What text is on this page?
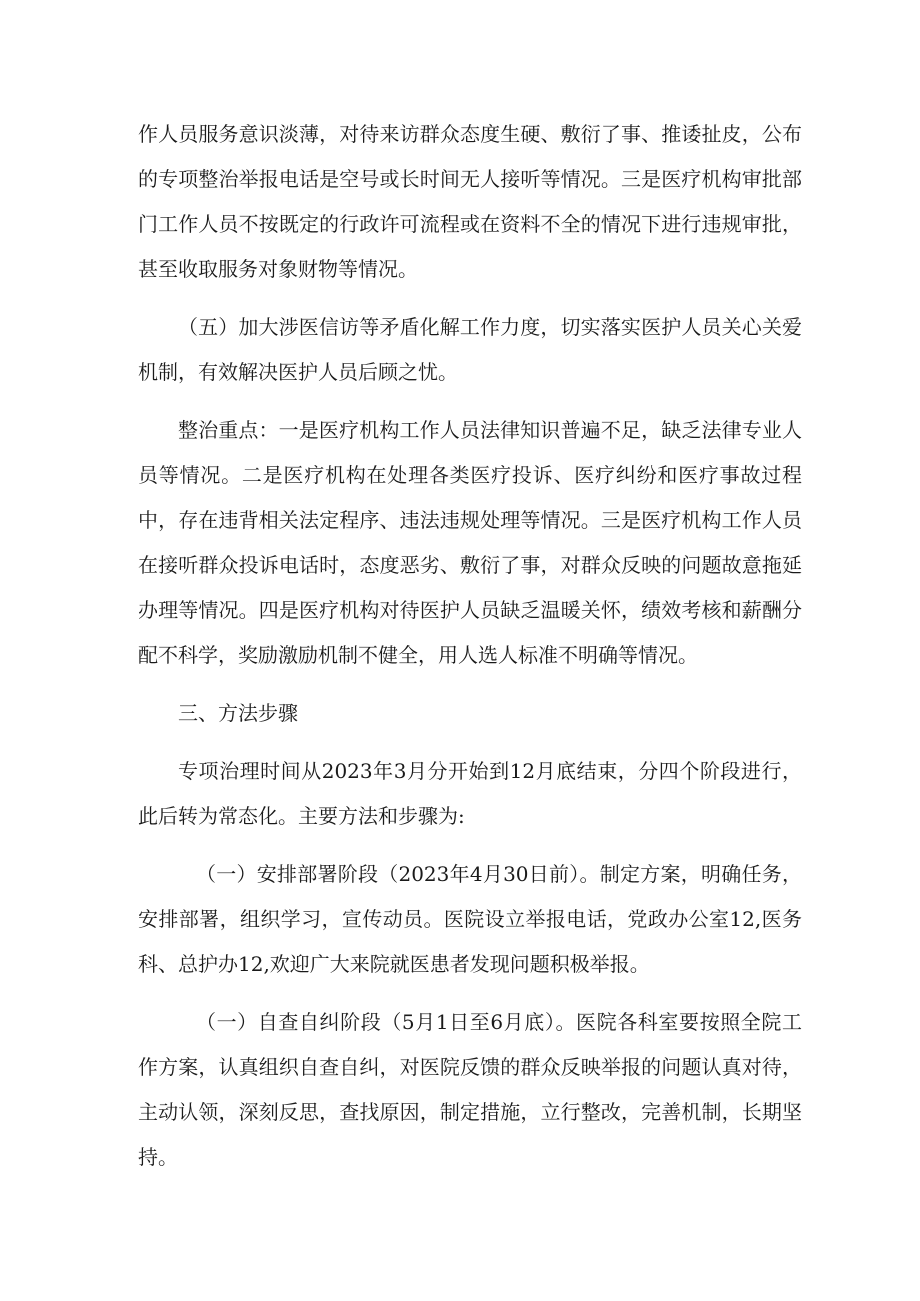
作人员服务意识淡薄，对待来访群众态度生硬、敷衍了事、推诿扯皮，公布的专项整治举报电话是空号或长时间无人接听等情况。三是医疗机构审批部门工作人员不按既定的行政许可流程或在资料不全的情况下进行违规审批，甚至收取服务对象财物等情况。

（五）加大涉医信访等矛盾化解工作力度，切实落实医护人员关心关爱机制，有效解决医护人员后顾之忧。

整治重点：一是医疗机构工作人员法律知识普遍不足，缺乏法律专业人员等情况。二是医疗机构在处理各类医疗投诉、医疗纠纷和医疗事故过程中，存在违背相关法定程序、违法违规处理等情况。三是医疗机构工作人员在接听群众投诉电话时，态度恶劣、敷衍了事，对群众反映的问题故意拖延办理等情况。四是医疗机构对待医护人员缺乏温暖关怀，绩效考核和薪酬分配不科学，奖励激励机制不健全，用人选人标准不明确等情况。

三、方法步骤

专项治理时间从2023年3月分开始到12月底结束，分四个阶段进行，此后转为常态化。主要方法和步骤为:

（一）安排部署阶段（2023年4月30日前）。制定方案，明确任务，安排部署，组织学习，宣传动员。医院设立举报电话，党政办公室12,医务科、总护办12,欢迎广大来院就医患者发现问题积极举报。

（一）自查自纠阶段（5月1日至6月底）。医院各科室要按照全院工作方案，认真组织自查自纠，对医院反馈的群众反映举报的问题认真对待，主动认领，深刻反思，查找原因，制定措施，立行整改，完善机制，长期坚持。
